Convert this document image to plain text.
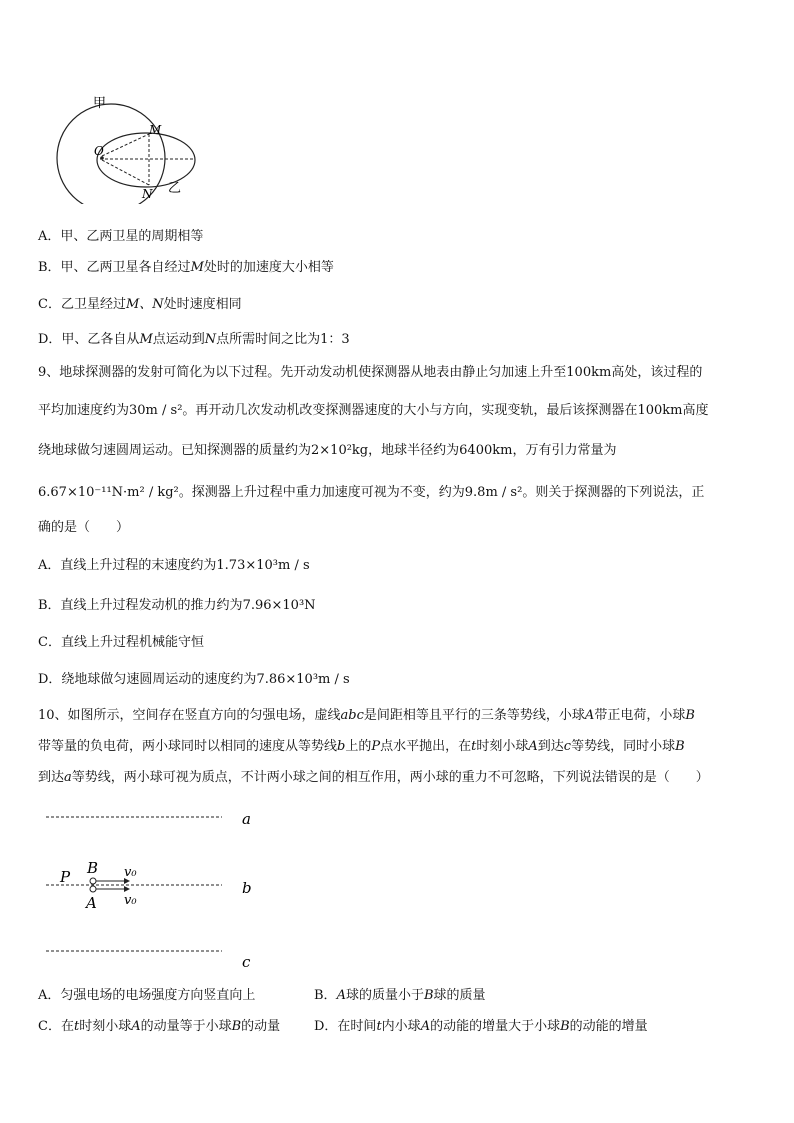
甲
M
O
N 乙
A．甲、乙两卫星的周期相等
B．甲、乙两卫星各自经过M处时的加速度大小相等
C．乙卫星经过M、N处时速度相同
D．甲、乙各自从M点运动到N点所需时间之比为1：3
9、地球探测器的发射可简化为以下过程。先开动发动机使探测器从地表由静止匀加速上升至100km高处，该过程的
平均加速度约为30m / s²。再开动几次发动机改变探测器速度的大小与方向，实现变轨，最后该探测器在100km高度
绕地球做匀速圆周运动。已知探测器的质量约为2×10²kg，地球半径约为6400km，万有引力常量为
6.67×10⁻¹¹N·m² / kg²。探测器上升过程中重力加速度可视为不变，约为9.8m / s²。则关于探测器的下列说法，正
确的是（　　）
A．直线上升过程的末速度约为1.73×10³m / s
B．直线上升过程发动机的推力约为7.96×10³N
C．直线上升过程机械能守恒
D．绕地球做匀速圆周运动的速度约为7.86×10³m / s
10、如图所示，空间存在竖直方向的匀强电场，虚线abc是间距相等且平行的三条等势线，小球A带正电荷，小球B
带等量的负电荷，两小球同时以相同的速度从等势线b上的P点水平抛出，在t时刻小球A到达c等势线，同时小球B
到达a等势线，两小球可视为质点，不计两小球之间的相互作用，两小球的重力不可忽略，下列说法错误的是（　　）
a
b
c
P B
A
v₀
v₀
A．匀强电场的电场强度方向竖直向上	B．A球的质量小于B球的质量
C．在t时刻小球A的动量等于小球B的动量	D．在时间t内小球A的动能的增量大于小球B的动能的增量
